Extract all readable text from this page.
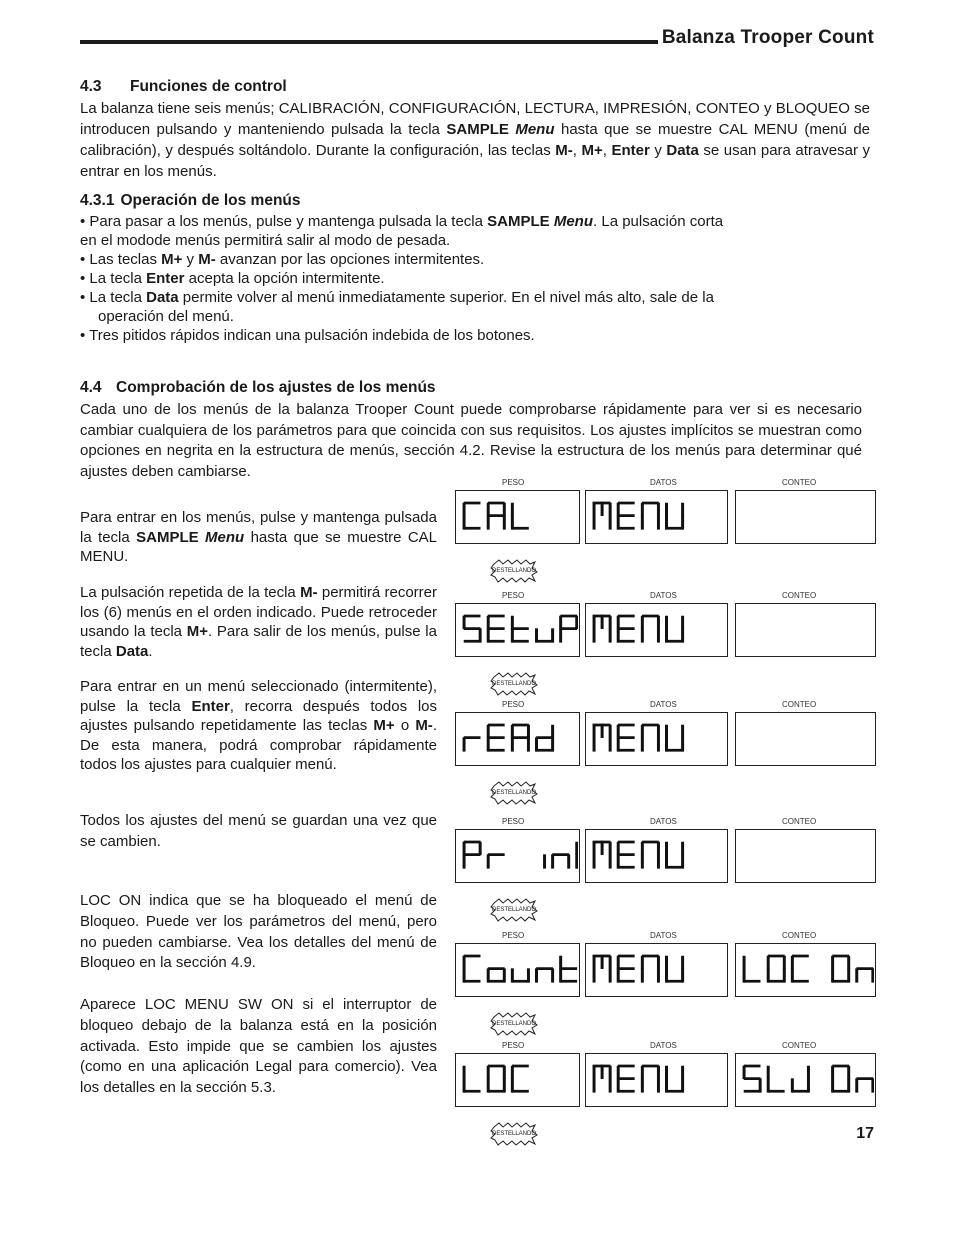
Balanza Trooper Count
4.3 Funciones de control
La balanza tiene seis menús; CALIBRACIÓN, CONFIGURACIÓN, LECTURA, IMPRESIÓN, CONTEO y BLOQUEO se introducen pulsando y manteniendo pulsada la tecla SAMPLE Menu hasta que se muestre CAL MENU (menú de calibración), y después soltándolo. Durante la configuración, las teclas M-, M+, Enter y Data se usan para atravesar y entrar en los menús.
4.3.1 Operación de los menús
• Para pasar a los menús, pulse y mantenga pulsada la tecla SAMPLE Menu. La pulsación corta
en el modode menús permitirá salir al modo de pesada.
• Las teclas M+ y M- avanzan por las opciones intermitentes.
• La tecla Enter acepta la opción intermitente.
• La tecla Data permite volver al menú inmediatamente superior. En el nivel más alto, sale de la
operación del menú.
• Tres pitidos rápidos indican una pulsación indebida de los botones.
4.4 Comprobación de los ajustes de los menús
Cada uno de los menús de la balanza Trooper Count puede comprobarse rápidamente para ver si es necesario cambiar cualquiera de los parámetros para que coincida con sus requisitos. Los ajustes implícitos se muestran como opciones en negrita en la estructura de menús, sección 4.2. Revise la estructura de los menús para determinar qué ajustes deben cambiarse.
Para entrar en los menús, pulse y mantenga pulsada la tecla SAMPLE Menu hasta que se muestre CAL MENU.
La pulsación repetida de la tecla M- permitirá recorrer los (6) menús en el orden indicado. Puede retroceder usando la tecla M+. Para salir de los menús, pulse la tecla Data.
Para entrar en un menú seleccionado (intermitente), pulse la tecla Enter, recorra después todos los ajustes pulsando repetidamente las teclas M+ o M-. De esta manera, podrá comprobar rápidamente todos los ajustes para cualquier menú.
Todos los ajustes del menú se guardan una vez que se cambien.
LOC ON indica que se ha bloqueado el menú de Bloqueo. Puede ver los parámetros del menú, pero no pueden cambiarse. Vea los detalles del menú de Bloqueo en la sección 4.9.
Aparece LOC MENU SW ON si el interruptor de bloqueo debajo de la balanza está en la posición activada. Esto impide que se cambien los ajustes (como en una aplicación Legal para comercio). Vea los detalles en la sección 5.3.
PESO	DATOS	CONTEO
DESTELLANDO
PESO	DATOS	CONTEO
DESTELLANDO
PESO	DATOS	CONTEO
DESTELLANDO
PESO	DATOS	CONTEO
DESTELLANDO
PESO	DATOS	CONTEO
DESTELLANDO
PESO	DATOS	CONTEO
DESTELLANDO	17
